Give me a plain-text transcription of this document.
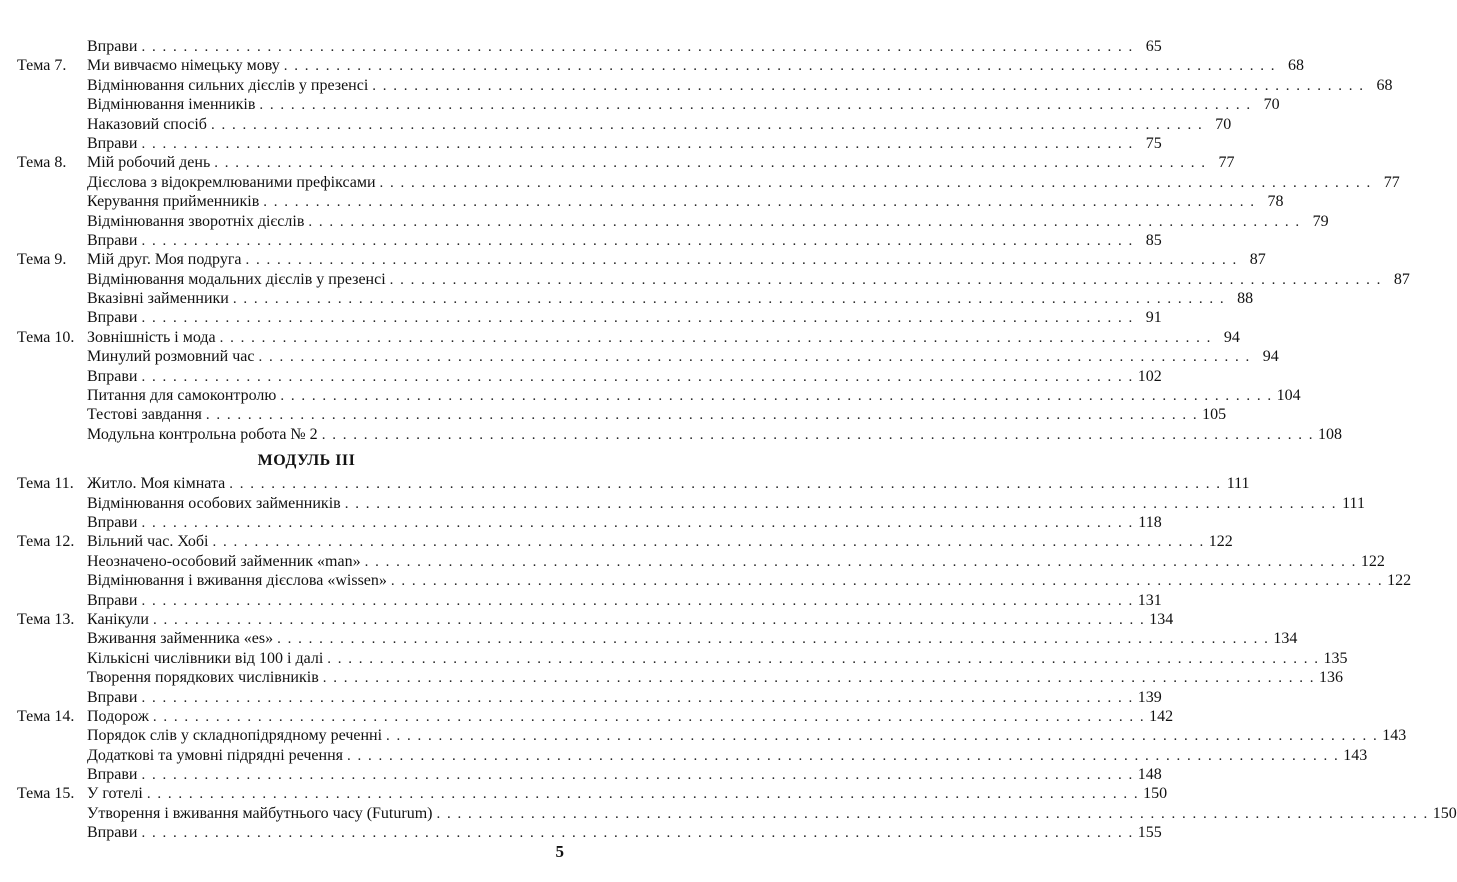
Вправи . . .	65
Тема 7.	Ми вивчаємо німецьку мову . . .	68
Відмінювання сильних дієслів у презенсі . . .	68
Відмінювання іменників . . .	70
Наказовий спосіб . . .	70
Вправи . . .	75
Тема 8.	Мій робочий день . . .	77
Дієслова з відокремлюваними префіксами . . .	77
Керування прийменників . . .	78
Відмінювання зворотніх дієслів . . .	79
Вправи . . .	85
Тема 9.	Мій друг. Моя подруга . . .	87
Відмінювання модальних дієслів у презенсі . . .	87
Вказівні займенники . . .	88
Вправи . . .	91
Тема 10. Зовнішність і мода . . .	94
Минулий розмовний час . . .	94
Вправи . . .	102
Питання для самоконтролю . . .	104
Тестові завдання . . .	105
Модульна контрольна робота № 2 . . .	108
МОДУЛЬ III
Тема 11. Житло. Моя кімната . . .	111
Відмінювання особових займенників . . .	111
Вправи . . .	118
Тема 12. Вільний час. Хобі . . .	122
Неозначено-особовий займенник «man» . . .	122
Відмінювання і вживання дієслова «wissen» . . .	122
Вправи . . .	131
Тема 13. Канікули . . .	134
Вживання займенника «es» . . .	134
Кількісні числівники від 100 і далі . . .	135
Творення порядкових числівників . . .	136
Вправи . . .	139
Тема 14. Подорож . . .	142
Порядок слів у складнопідрядному реченні . . .	143
Додаткові та умовні підрядні речення . . .	143
Вправи . . .	148
Тема 15. У готелі . . .	150
Утворення і вживання майбутнього часу (Futurum) . . .	150
Вправи . . .	155
5
